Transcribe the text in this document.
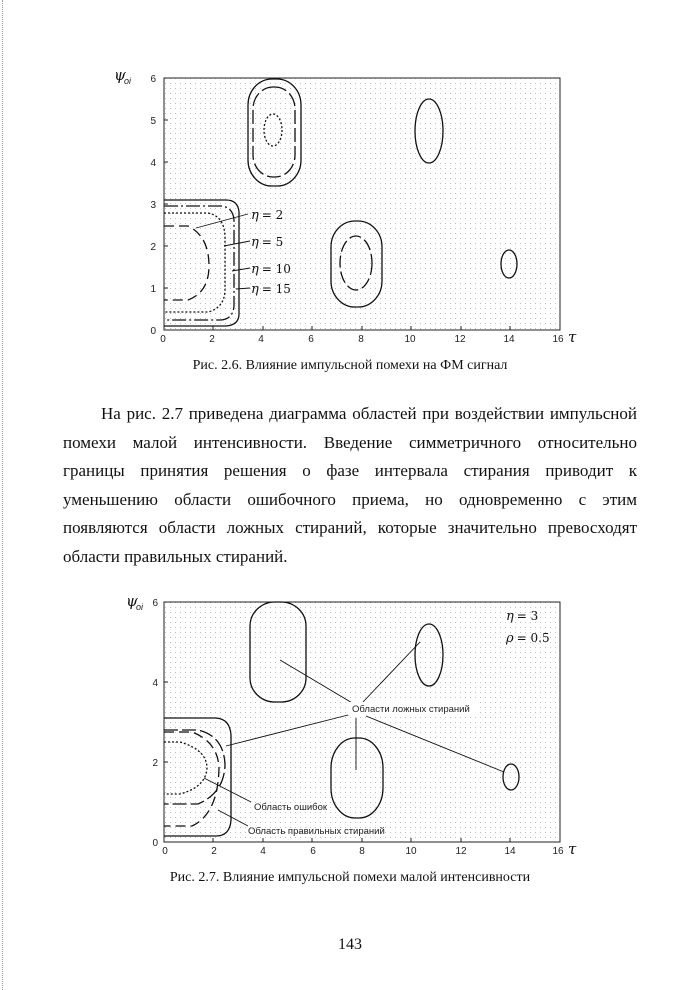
ψ
oi
τ
0	2	4	6	8	10	12	14	16
0
1
2
3
4
5
6
η = 2
η = 5
η = 10
η = 15
Рис. 2.6. Влияние импульсной помехи на ФМ сигнал

На рис. 2.7 приведена диаграмма областей при воздействии импульсной помехи малой интенсивности. Введение симметричного относительно границы принятия решения о фазе интервала стирания приводит к уменьшению области ошибочного приема, но одновременно с этим появляются области ложных стираний, которые значительно превосходят области правильных стираний.

ψ
oi
τ
0	2	4	6	8	10	12	14	16
0
2
4
6
η = 3
ρ = 0.5
Области ложных стираний
Область ошибок
Область правильных стираний
Рис. 2.7. Влияние импульсной помехи малой интенсивности
143
